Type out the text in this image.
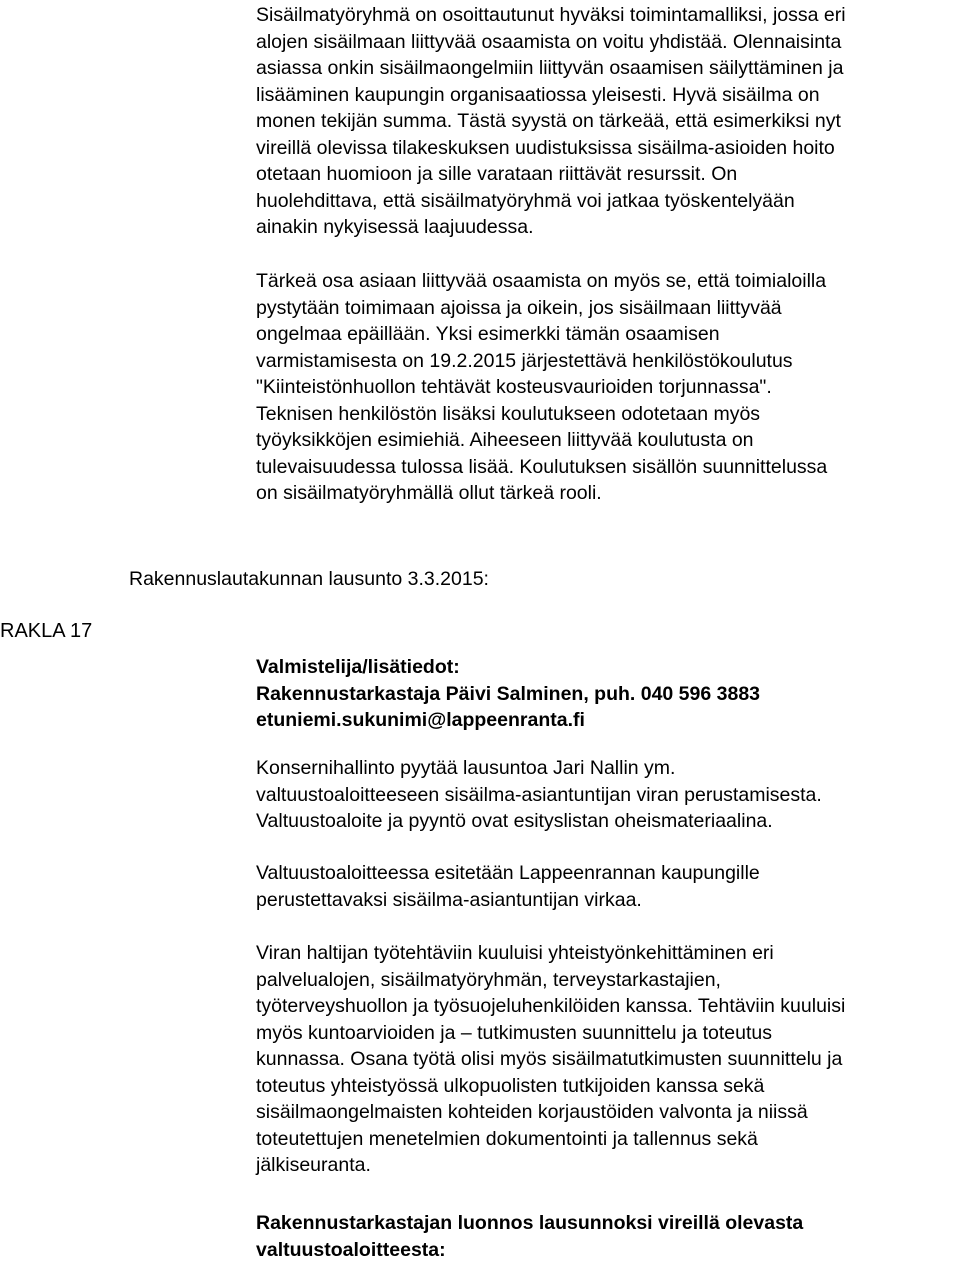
Sisäilmatyöryhmä on osoittautunut hyväksi toimintamalliksi, jossa eri
alojen sisäilmaan liittyvää osaamista on voitu yhdistää. Olennaisinta
asiassa onkin sisäilmaongelmiin liittyvän osaamisen säilyttäminen ja
lisääminen kaupungin organisaatiossa yleisesti. Hyvä sisäilma on
monen tekijän summa. Tästä syystä on tärkeää, että esimerkiksi nyt
vireillä olevissa tilakeskuksen uudistuksissa sisäilma-asioiden hoito
otetaan huomioon ja sille varataan riittävät resurssit. On
huolehdittava, että sisäilmatyöryhmä voi jatkaa työskentelyään
ainakin nykyisessä laajuudessa.
Tärkeä osa asiaan liittyvää osaamista on myös se, että toimialoilla
pystytään toimimaan ajoissa ja oikein, jos sisäilmaan liittyvää
ongelmaa epäillään. Yksi esimerkki tämän osaamisen
varmistamisesta on 19.2.2015 järjestettävä henkilöstökoulutus
"Kiinteistönhuollon tehtävät kosteusvaurioiden torjunnassa".
Teknisen henkilöstön lisäksi koulutukseen odotetaan myös
työyksikköjen esimiehiä. Aiheeseen liittyvää koulutusta on
tulevaisuudessa tulossa lisää. Koulutuksen sisällön suunnittelussa
on sisäilmatyöryhmällä ollut tärkeä rooli.
Rakennuslautakunnan lausunto 3.3.2015:
RAKLA 17
Valmistelija/lisätiedot:
Rakennustarkastaja Päivi Salminen, puh. 040 596 3883
etuniemi.sukunimi@lappeenranta.fi
Konsernihallinto pyytää lausuntoa Jari Nallin ym.
valtuustoaloitteeseen sisäilma-asiantuntijan viran perustamisesta.
Valtuustoaloite ja pyyntö ovat esityslistan oheismateriaalina.
Valtuustoaloitteessa esitetään Lappeenrannan kaupungille
perustettavaksi sisäilma-asiantuntijan virkaa.
Viran haltijan työtehtäviin kuuluisi yhteistyönkehittäminen eri
palvelualojen, sisäilmatyöryhmän, terveystarkastajien,
työterveyshuollon ja työsuojeluhenkilöiden kanssa. Tehtäviin kuuluisi
myös kuntoarvioiden ja – tutkimusten suunnittelu ja toteutus
kunnassa. Osana työtä olisi myös sisäilmatutkimusten suunnittelu ja
toteutus yhteistyössä ulkopuolisten tutkijoiden kanssa sekä
sisäilmaongelmaisten kohteiden korjaustöiden valvonta ja niissä
toteutettujen menetelmien dokumentointi ja tallennus sekä
jälkiseuranta.
Rakennustarkastajan luonnos lausunnoksi vireillä olevasta
valtuustoaloitteesta:
